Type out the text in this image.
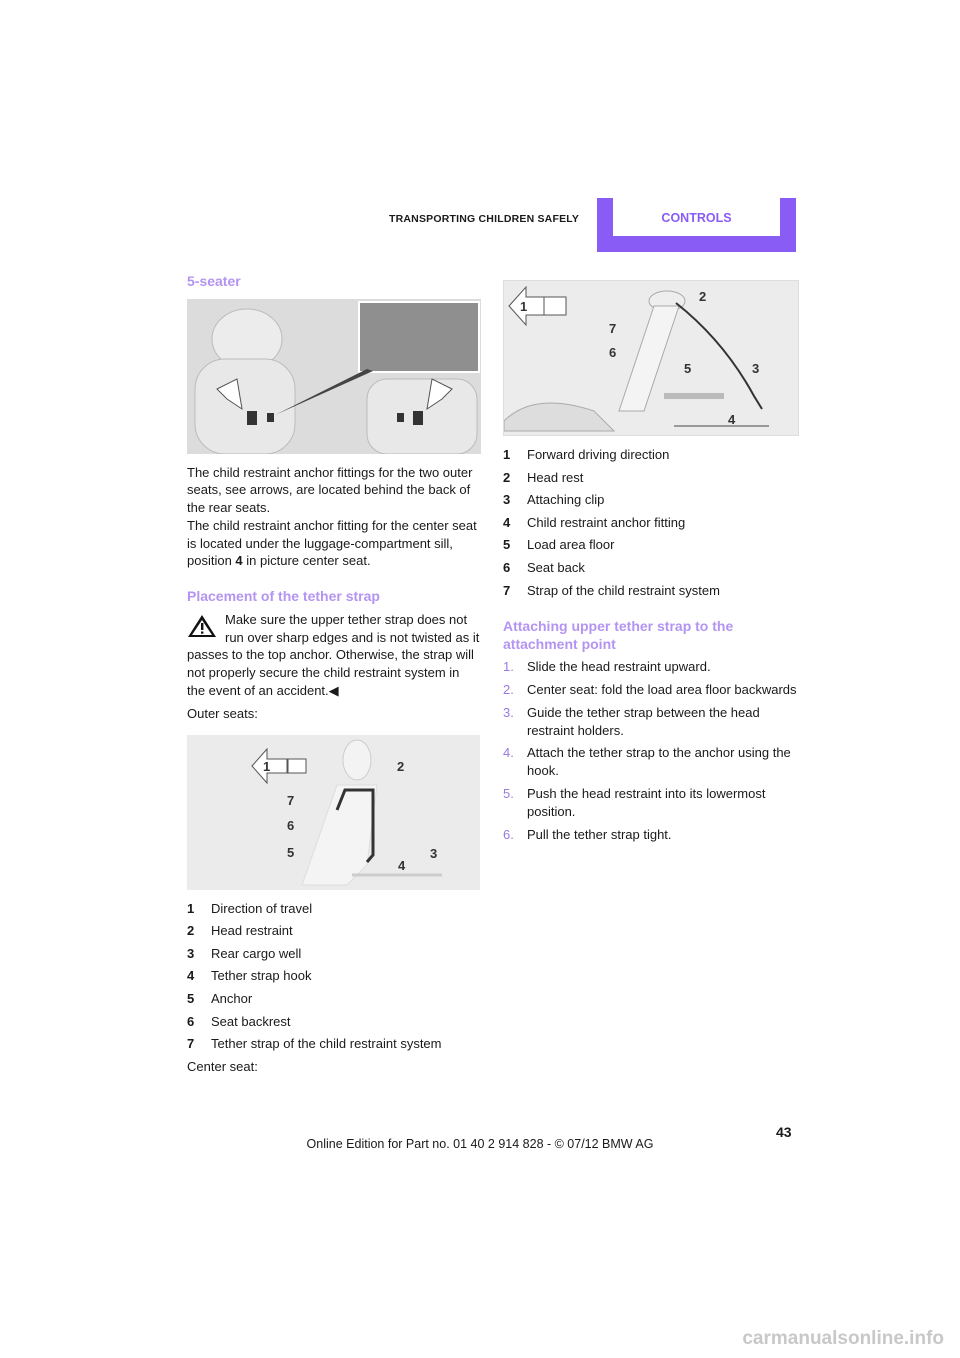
TRANSPORTING CHILDREN SAFELY	CONTROLS
5-seater

The child restraint anchor fittings for the two outer seats, see arrows, are located behind the back of the rear seats.

The child restraint anchor fitting for the center seat is located under the luggage-compartment sill, position 4 in picture center seat.

Placement of the tether strap
Make sure the upper tether strap does not run over sharp edges and is not twisted as it passes to the top anchor. Otherwise, the strap will not properly secure the child restraint system in the event of an accident.◀
Outer seats:
1	2
3
4
5
6
7
1	Direction of travel
2	Head restraint
3	Rear cargo well
4	Tether strap hook
5	Anchor
6	Seat backrest
7	Tether strap of the child restraint system
Center seat:
1
2
3
4
5
6
7
1	Forward driving direction
2	Head rest
3	Attaching clip
4	Child restraint anchor fitting
5	Load area floor
6	Seat back
7	Strap of the child restraint system
Attaching upper tether strap to the attachment point
1.	Slide the head restraint upward.
2.	Center seat: fold the load area floor backwards
3.	Guide the tether strap between the head restraint holders.
4.	Attach the tether strap to the anchor using the hook.
5.	Push the head restraint into its lowermost position.
6.	Pull the tether strap tight.
43
Online Edition for Part no. 01 40 2 914 828 - © 07/12 BMW AG
carmanualsonline.info
